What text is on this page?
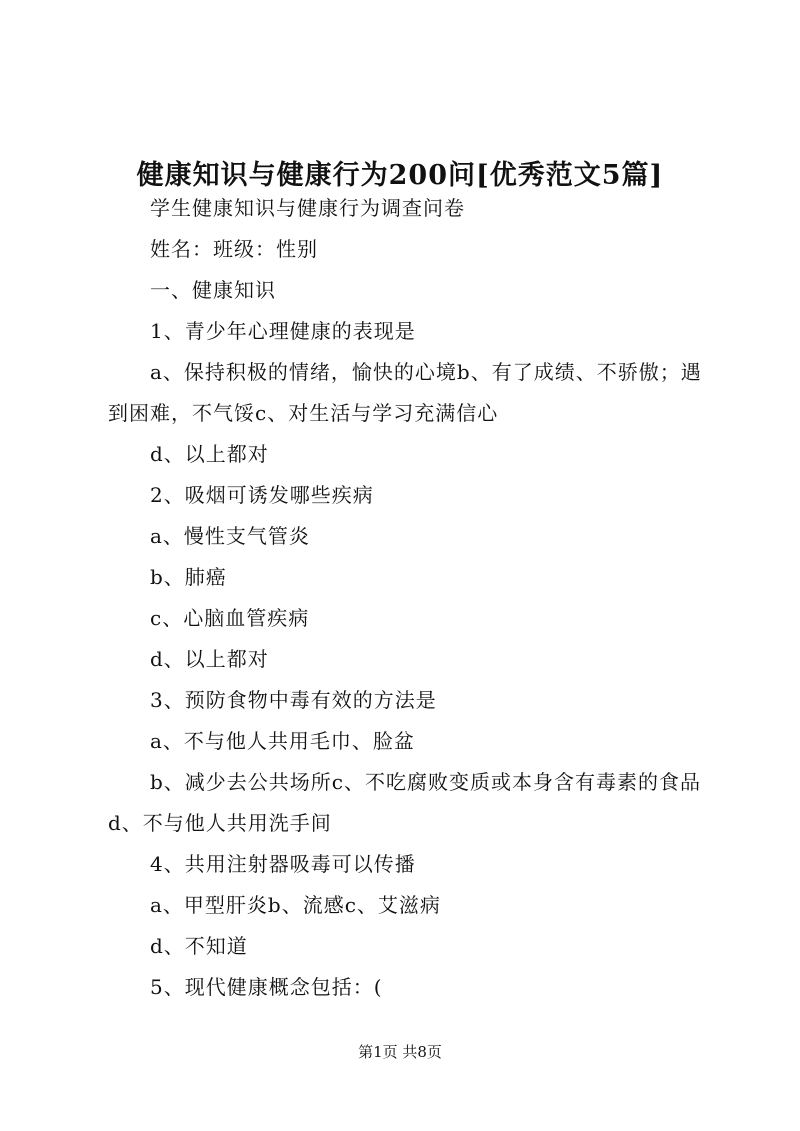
健康知识与健康行为200问[优秀范文5篇]

学生健康知识与健康行为调查问卷

姓名：班级：性别

一、健康知识

1、青少年心理健康的表现是

a、保持积极的情绪，愉快的心境b、有了成绩、不骄傲；遇到困难，不气馁c、对生活与学习充满信心

d、以上都对

2、吸烟可诱发哪些疾病

a、慢性支气管炎

b、肺癌

c、心脑血管疾病

d、以上都对

3、预防食物中毒有效的方法是

a、不与他人共用毛巾、脸盆

b、减少去公共场所c、不吃腐败变质或本身含有毒素的食品d、不与他人共用洗手间

4、共用注射器吸毒可以传播

a、甲型肝炎b、流感c、艾滋病

d、不知道

5、现代健康概念包括：(

第1页 共8页
